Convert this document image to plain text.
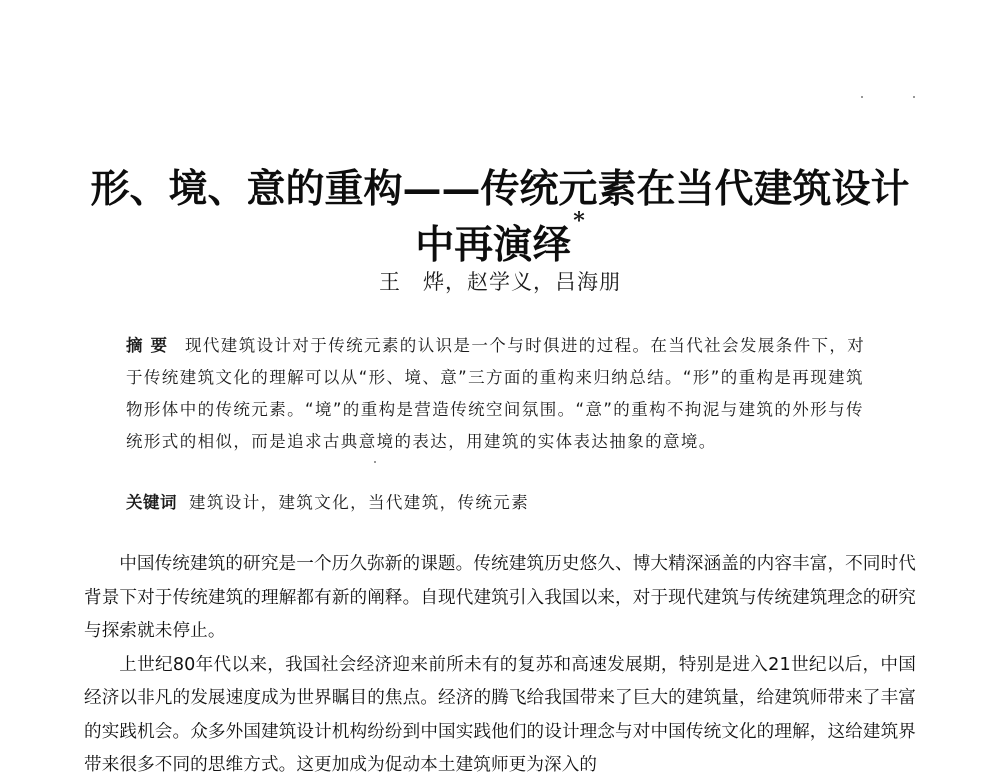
形、境、意的重构——传统元素在当代建筑设计中再演绎*
王　烨，赵学义，吕海朋
摘要 现代建筑设计对于传统元素的认识是一个与时俱进的过程。在当代社会发展条件下，对于传统建筑文化的理解可以从“形、境、意”三方面的重构来归纳总结。“形”的重构是再现建筑物形体中的传统元素。“境”的重构是营造传统空间氛围。“意”的重构不拘泥与建筑的外形与传统形式的相似，而是追求古典意境的表达，用建筑的实体表达抽象的意境。
关键词 建筑设计，建筑文化，当代建筑，传统元素

中国传统建筑的研究是一个历久弥新的课题。传统建筑历史悠久、博大精深涵盖的内容丰富，不同时代背景下对于传统建筑的理解都有新的阐释。自现代建筑引入我国以来，对于现代建筑与传统建筑理念的研究与探索就未停止。

上世纪80年代以来，我国社会经济迎来前所未有的复苏和高速发展期，特别是进入21世纪以后，中国经济以非凡的发展速度成为世界瞩目的焦点。经济的腾飞给我国带来了巨大的建筑量，给建筑师带来了丰富的实践机会。众多外国建筑设计机构纷纷到中国实践他们的设计理念与对中国传统文化的理解，这给建筑界带来很多不同的思维方式。这更加成为促动本土建筑师更为深入的
